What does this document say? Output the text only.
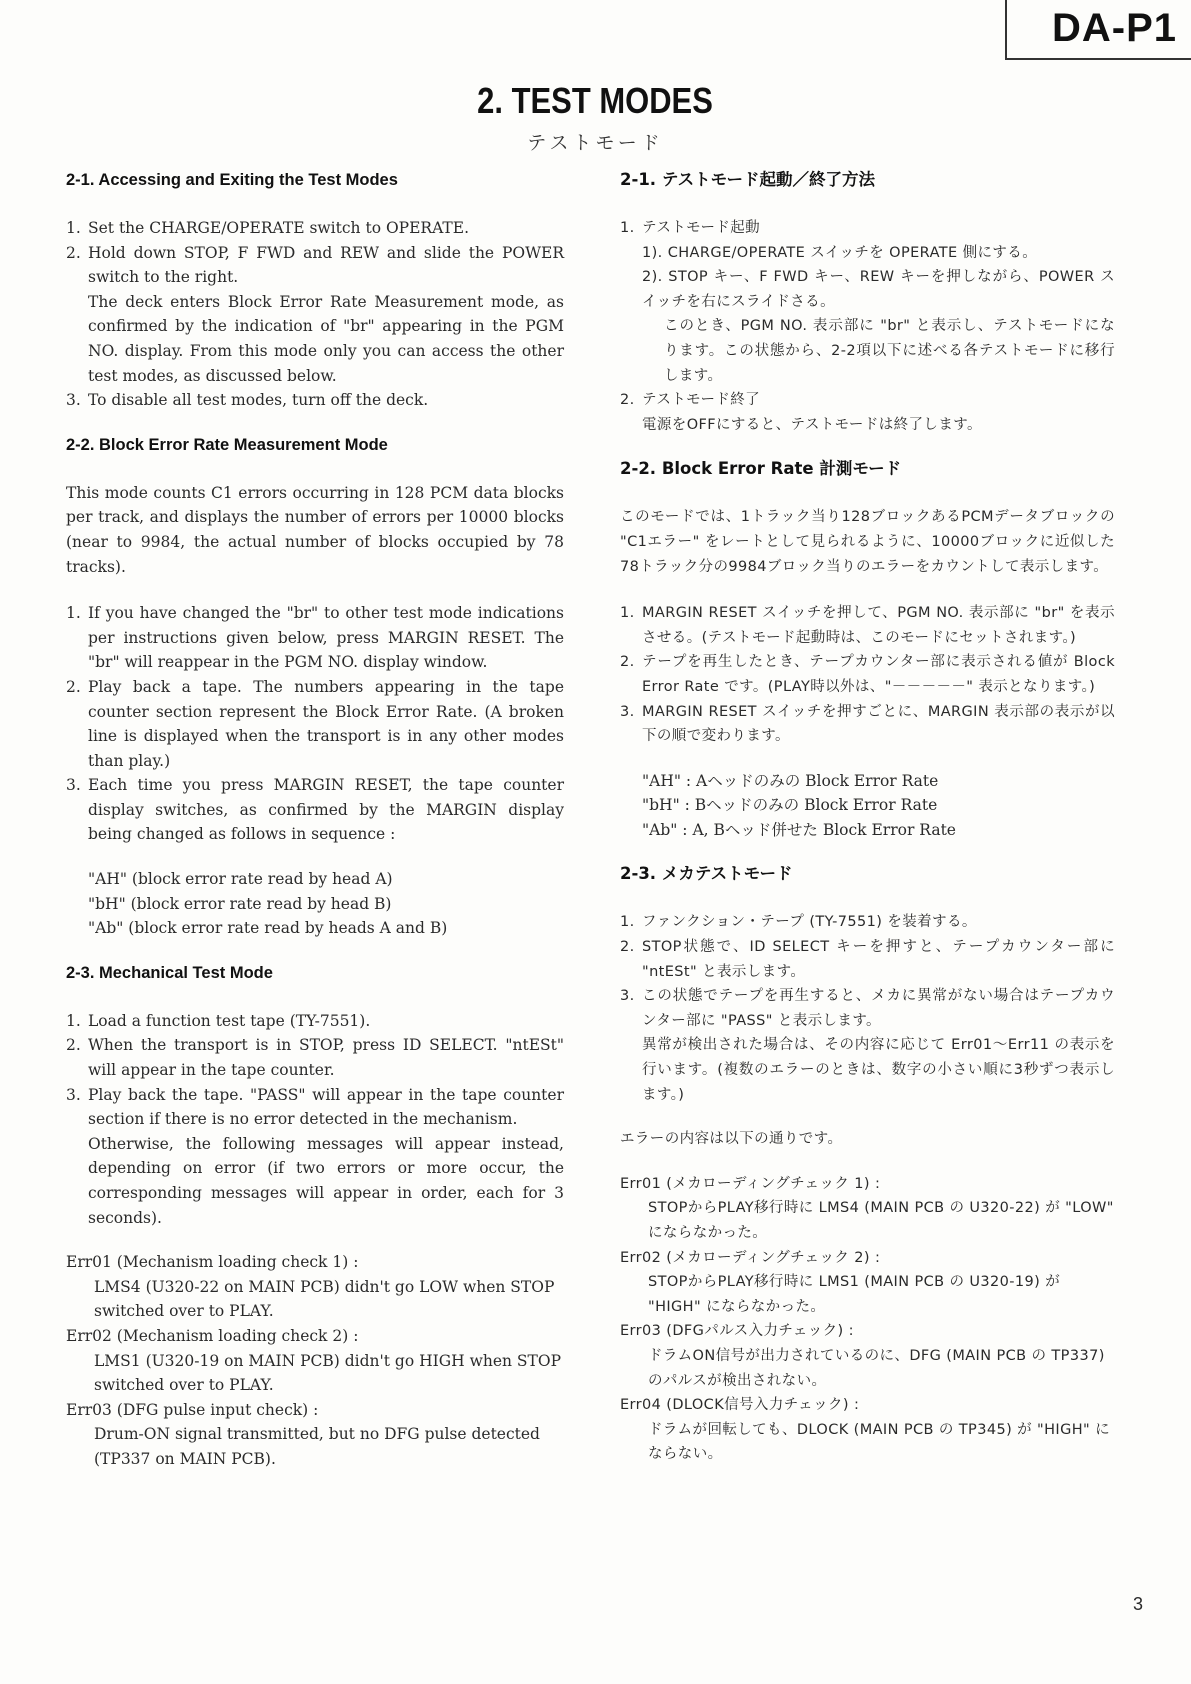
DA-P1
2. TEST MODES
テストモード
2-1. Accessing and Exiting the Test Modes
1. Set the CHARGE/OPERATE switch to OPERATE.
2. Hold down STOP, F FWD and REW and slide the POWER switch to the right.
The deck enters Block Error Rate Measurement mode, as confirmed by the indication of "br" appearing in the PGM NO. display. From this mode only you can access the other test modes, as discussed below.
3. To disable all test modes, turn off the deck.
2-2. Block Error Rate Measurement Mode
This mode counts C1 errors occurring in 128 PCM data blocks per track, and displays the number of errors per 10000 blocks (near to 9984, the actual number of blocks occupied by 78 tracks).
1. If you have changed the "br" to other test mode indications per instructions given below, press MARGIN RESET. The "br" will reappear in the PGM NO. display window.
2. Play back a tape. The numbers appearing in the tape counter section represent the Block Error Rate. (A broken line is displayed when the transport is in any other modes than play.)
3. Each time you press MARGIN RESET, the tape counter display switches, as confirmed by the MARGIN display being changed as follows in sequence :
"AH" (block error rate read by head A)
"bH" (block error rate read by head B)
"Ab" (block error rate read by heads A and B)
2-3. Mechanical Test Mode
1. Load a function test tape (TY-7551).
2. When the transport is in STOP, press ID SELECT. "ntESt" will appear in the tape counter.
3. Play back the tape. "PASS" will appear in the tape counter section if there is no error detected in the mechanism.
Otherwise, the following messages will appear instead, depending on error (if two errors or more occur, the corresponding messages will appear in order, each for 3 seconds).
Err01 (Mechanism loading check 1) :
LMS4 (U320-22 on MAIN PCB) didn't go LOW when STOP switched over to PLAY.
Err02 (Mechanism loading check 2) :
LMS1 (U320-19 on MAIN PCB) didn't go HIGH when STOP switched over to PLAY.
Err03 (DFG pulse input check) :
Drum-ON signal transmitted, but no DFG pulse detected (TP337 on MAIN PCB).
2-1. テストモード起動／終了方法
1. テストモード起動
1). CHARGE/OPERATE スイッチを OPERATE 側にする。
2). STOP キー、F FWD キー、REW キーを押しながら、POWER スイッチを右にスライドさる。
このとき、PGM NO. 表示部に "br" と表示し、テストモードになります。この状態から、2-2項以下に述べる各テストモードに移行します。
2. テストモード終了
電源をOFFにすると、テストモードは終了します。
2-2. Block Error Rate 計測モード
このモードでは、1トラック当り128ブロックあるPCMデータブロックの "C1エラー" をレートとして見られるように、10000ブロックに近似した78トラック分の9984ブロック当りのエラーをカウントして表示します。
1. MARGIN RESET スイッチを押して、PGM NO. 表示部に "br" を表示させる。(テストモード起動時は、このモードにセットされます。)
2. テープを再生したとき、テープカウンター部に表示される値が Block Error Rate です。(PLAY時以外は、"－－－－－" 表示となります。)
3. MARGIN RESET スイッチを押すごとに、MARGIN 表示部の表示が以下の順で変わります。
"AH" : Aヘッドのみの Block Error Rate
"bH" : Bヘッドのみの Block Error Rate
"Ab" : A, Bヘッド併せた Block Error Rate
2-3. メカテストモード
1. ファンクション・テープ (TY-7551) を装着する。
2. STOP状態で、ID SELECT キーを押すと、テープカウンター部に "ntESt" と表示します。
3. この状態でテープを再生すると、メカに異常がない場合はテープカウンター部に "PASS" と表示します。
異常が検出された場合は、その内容に応じて Err01～Err11 の表示を行います。(複数のエラーのときは、数字の小さい順に3秒ずつ表示します。)
エラーの内容は以下の通りです。
Err01 (メカローディングチェック 1) :
STOPからPLAY移行時に LMS4 (MAIN PCB の U320-22) が "LOW" にならなかった。
Err02 (メカローディングチェック 2) :
STOPからPLAY移行時に LMS1 (MAIN PCB の U320-19) が "HIGH" にならなかった。
Err03 (DFGパルス入力チェック) :
ドラムON信号が出力されているのに、DFG (MAIN PCB の TP337) のパルスが検出されない。
Err04 (DLOCK信号入力チェック) :
ドラムが回転しても、DLOCK (MAIN PCB の TP345) が "HIGH" にならない。
3
